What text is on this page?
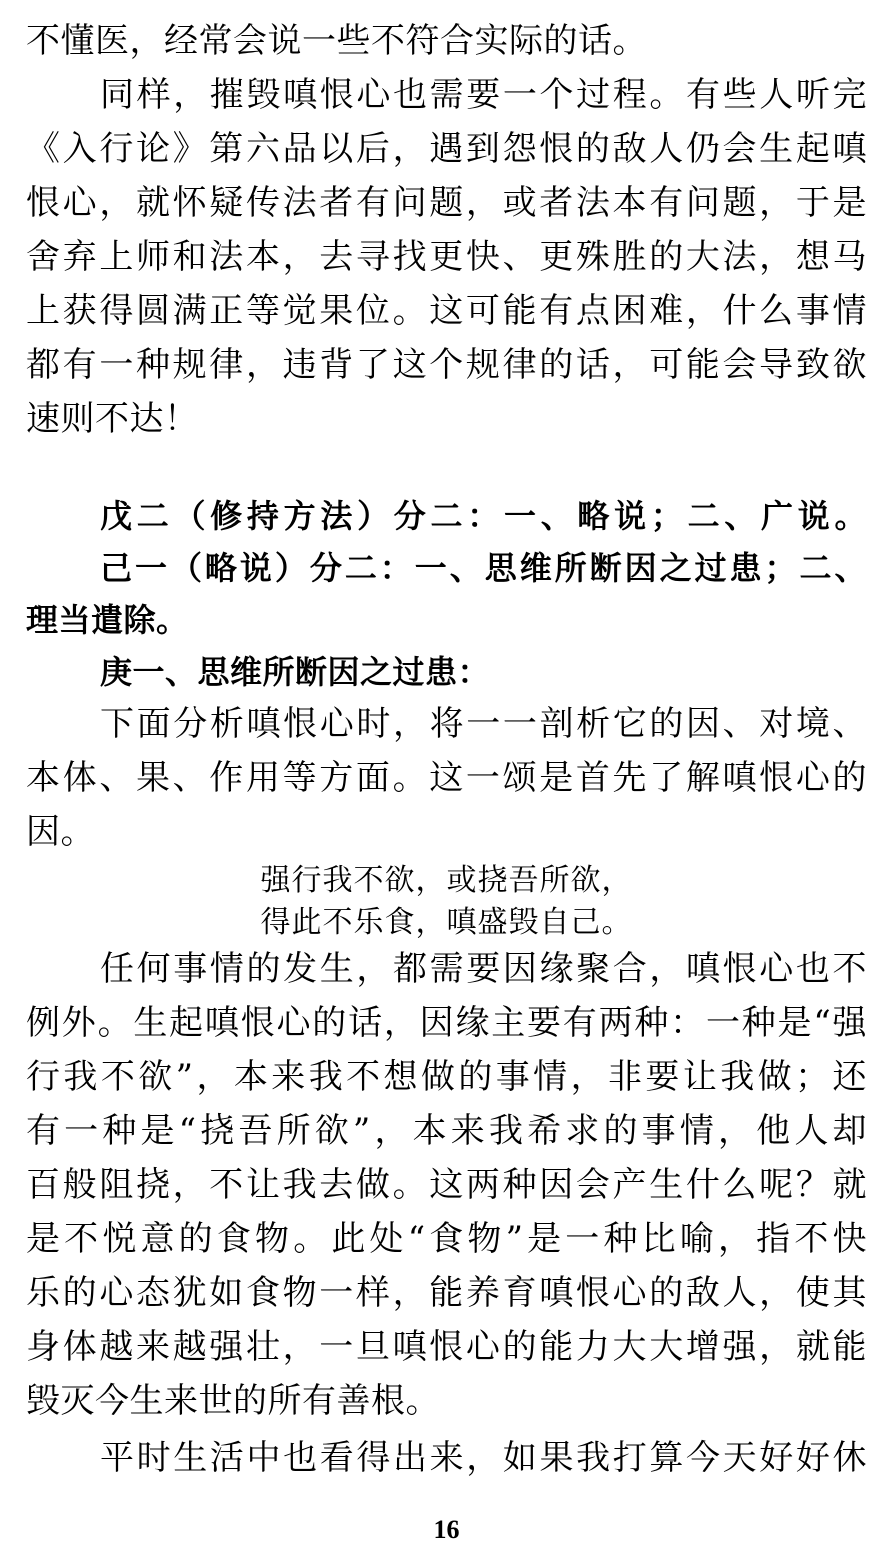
不懂医，经常会说一些不符合实际的话。
同样，摧毁嗔恨心也需要一个过程。有些人听完
《入行论》第六品以后，遇到怨恨的敌人仍会生起嗔
恨心，就怀疑传法者有问题，或者法本有问题，于是
舍弃上师和法本，去寻找更快、更殊胜的大法，想马
上获得圆满正等觉果位。这可能有点困难，什么事情
都有一种规律，违背了这个规律的话，可能会导致欲
速则不达！
戊二（修持方法）分二：一、略说；二、广说。
己一（略说）分二：一、思维所断因之过患；二、
理当遣除。
庚一、思维所断因之过患：
下面分析嗔恨心时，将一一剖析它的因、对境、
本体、果、作用等方面。这一颂是首先了解嗔恨心的
因。
强行我不欲，或挠吾所欲，
得此不乐食，嗔盛毁自己。
任何事情的发生，都需要因缘聚合，嗔恨心也不
例外。生起嗔恨心的话，因缘主要有两种：一种是“强
行我不欲”，本来我不想做的事情，非要让我做；还
有一种是“挠吾所欲”，本来我希求的事情，他人却
百般阻挠，不让我去做。这两种因会产生什么呢？就
是不悦意的食物。此处“食物”是一种比喻，指不快
乐的心态犹如食物一样，能养育嗔恨心的敌人，使其
身体越来越强壮，一旦嗔恨心的能力大大增强，就能
毁灭今生来世的所有善根。
平时生活中也看得出来，如果我打算今天好好休
16
